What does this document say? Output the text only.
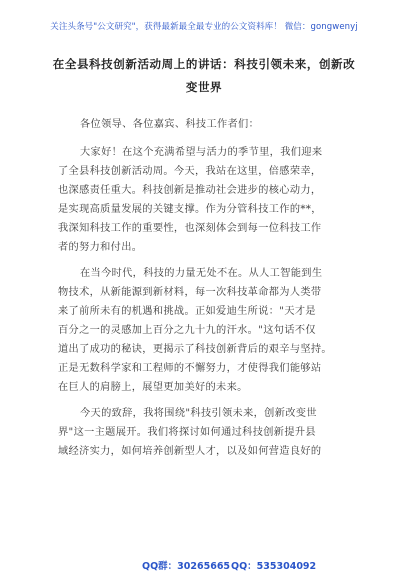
关注头条号"公文研究"，获得最新最全最专业的公文资料库！ 微信：gongwenyj
在全县科技创新活动周上的讲话：科技引领未来，创新改
变世界
各位领导、各位嘉宾、科技工作者们：
大家好！在这个充满希望与活力的季节里，我们迎来
了全县科技创新活动周。今天，我站在这里，倍感荣幸，
也深感责任重大。科技创新是推动社会进步的核心动力，
是实现高质量发展的关键支撑。作为分管科技工作的**，
我深知科技工作的重要性，也深刻体会到每一位科技工作
者的努力和付出。
在当今时代，科技的力量无处不在。从人工智能到生
物技术，从新能源到新材料，每一次科技革命都为人类带
来了前所未有的机遇和挑战。正如爱迪生所说："天才是
百分之一的灵感加上百分之九十九的汗水。"这句话不仅
道出了成功的秘诀，更揭示了科技创新背后的艰辛与坚持。
正是无数科学家和工程师的不懈努力，才使得我们能够站
在巨人的肩膀上，展望更加美好的未来。
今天的致辞，我将围绕"科技引领未来，创新改变世
界"这一主题展开。我们将探讨如何通过科技创新提升县
域经济实力，如何培养创新型人才，以及如何营造良好的
QQ群：30265665 QQ：535304092
